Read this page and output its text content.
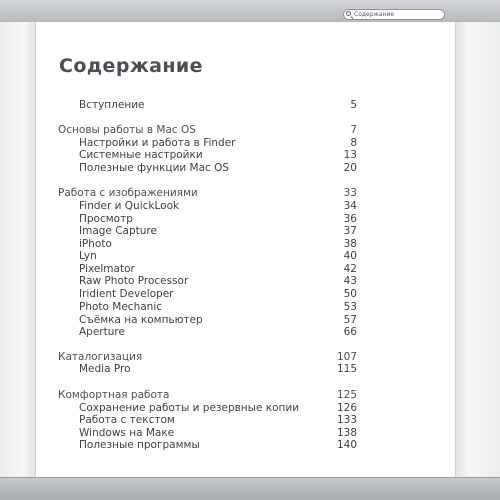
Содержание
Содержание
Вступление	5
Основы работы в Mac OS	7
Настройки и работа в Finder	8
Системные настройки	13
Полезные функции Mac OS	20
Работа с изображениями	33
Finder и QuickLook	34
Просмотр	36
Image Capture	37
iPhoto	38
Lyn	40
Pixelmator	42
Raw Photo Processor	43
Iridient Developer	50
Photo Mechanic	53
Съёмка на компьютер	57
Aperture	66
Каталогизация	107
Media Pro	115
Комфортная работа	125
Сохранение работы и резервные копии	126
Работа с текстом	133
Windows на Маке	138
Полезные программы	140
